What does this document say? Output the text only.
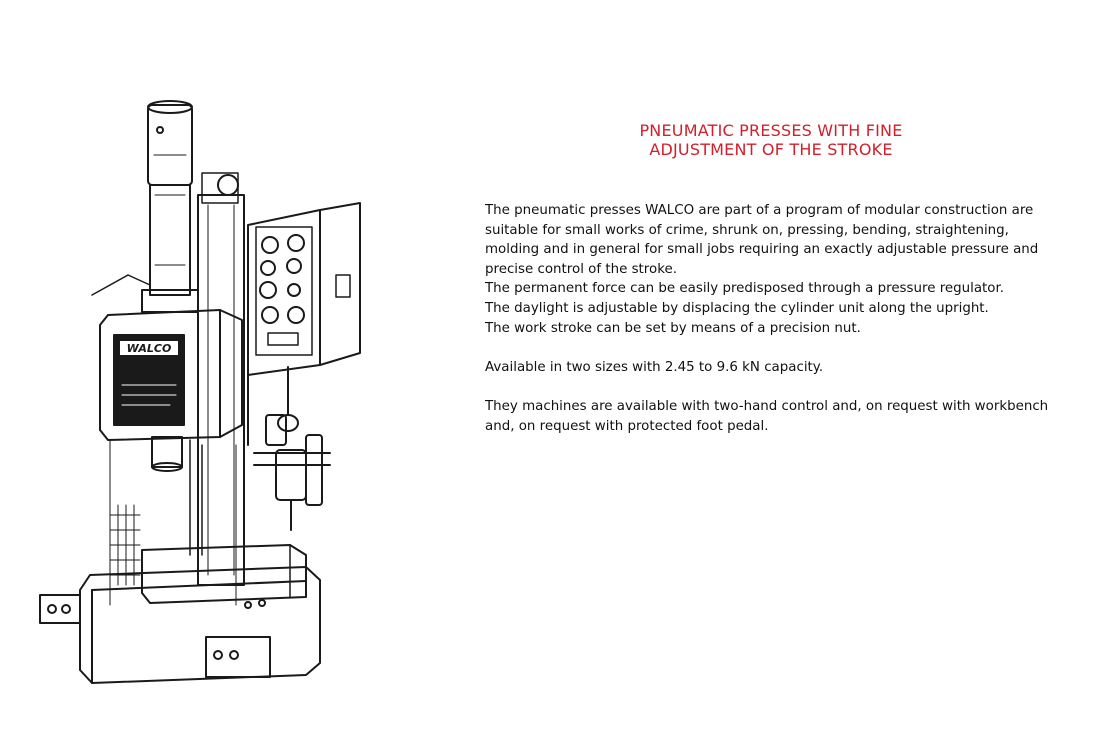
WALCO
PNEUMATIC PRESSES WITH FINE
ADJUSTMENT OF THE STROKE

The pneumatic presses WALCO are part of a program of modular construction are

suitable for small works of crime, shrunk on, pressing, bending, straightening,

molding and in general for small jobs requiring an exactly adjustable pressure and

precise control of the stroke.

The permanent force can be easily predisposed through a pressure regulator.

The daylight is adjustable by displacing the cylinder unit along the upright.

The work stroke can be set by means of a precision nut.

Available in two sizes with 2.45 to 9.6 kN capacity.

They machines are available with two-hand control and, on request with workbench

and, on request with protected foot pedal.
